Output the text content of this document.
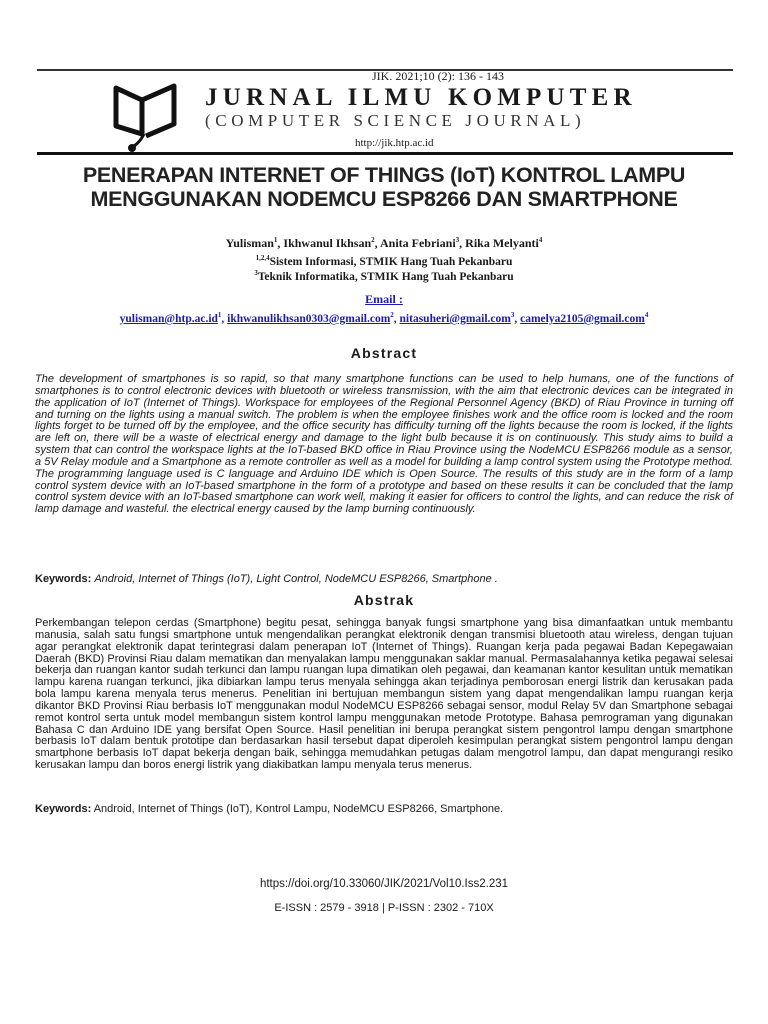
JIK. 2021;10 (2): 136 - 143
JURNAL ILMU KOMPUTER
(COMPUTER SCIENCE JOURNAL)
http://jik.htp.ac.id
PENERAPAN INTERNET OF THINGS (IoT) KONTROL LAMPU
MENGGUNAKAN NODEMCU ESP8266 DAN SMARTPHONE
Yulisman$^1$, Ikhwanul Ikhsan$^2$, Anita Febriani$^3$, Rika Melyanti$^4$
$^{1,2,4}$Sistem Informasi, STMIK Hang Tuah Pekanbaru
$^3$Teknik Informatika, STMIK Hang Tuah Pekanbaru
Email :
$yulisman@htp.ac.id^1$, ikhwanulikhsan0303@gmail.com$^2$, nitasuheri@gmail.com$^3$, camelya2105@gmail.com$^4$
Abstract
The development of smartphones is so rapid, so that many smartphone functions can be used to help humans, one of the functions of smartphones is to control electronic devices with bluetooth or wireless transmission, with the aim that electronic devices can be integrated in the application of IoT (Internet of Things). Workspace for employees of the Regional Personnel Agency (BKD) of Riau Province in turning off and turning on the lights using a manual switch. The problem is when the employee finishes work and the office room is locked and the room lights forget to be turned off by the employee, and the office security has difficulty turning off the lights because the room is locked, if the lights are left on, there will be a waste of electrical energy and damage to the light bulb because it is on continuously. This study aims to build a system that can control the workspace lights at the IoT-based BKD office in Riau Province using the NodeMCU ESP8266 module as a sensor, a 5V Relay module and a Smartphone as a remote controller as well as a model for building a lamp control system using the Prototype method. The programming language used is C language and Arduino IDE which is Open Source. The results of this study are in the form of a lamp control system device with an IoT-based smartphone in the form of a prototype and based on these results it can be concluded that the lamp control system device with an IoT-based smartphone can work well, making it easier for officers to control the lights, and can reduce the risk of lamp damage and wasteful. the electrical energy caused by the lamp burning continuously.
Keywords: Android, Internet of Things (IoT), Light Control, NodeMCU ESP8266, Smartphone .
Abstrak
Perkembangan telepon cerdas (Smartphone) begitu pesat, sehingga banyak fungsi smartphone yang bisa dimanfaatkan untuk membantu manusia, salah satu fungsi smartphone untuk mengendalikan perangkat elektronik dengan transmisi bluetooth atau wireless, dengan tujuan agar perangkat elektronik dapat terintegrasi dalam penerapan IoT (Internet of Things). Ruangan kerja pada pegawai Badan Kepegawaian Daerah (BKD) Provinsi Riau dalam mematikan dan menyalakan lampu menggunakan saklar manual. Permasalahannya ketika pegawai selesai bekerja dan ruangan kantor sudah terkunci dan lampu ruangan lupa dimatikan oleh pegawai, dan keamanan kantor kesulitan untuk mematikan lampu karena ruangan terkunci, jika dibiarkan lampu terus menyala sehingga akan terjadinya pemborosan energi listrik dan kerusakan pada bola lampu karena menyala terus menerus. Penelitian ini bertujuan membangun sistem yang dapat mengendalikan lampu ruangan kerja dikantor BKD Provinsi Riau berbasis IoT menggunakan modul NodeMCU ESP8266 sebagai sensor, modul Relay 5V dan Smartphone sebagai remot kontrol serta untuk model membangun sistem kontrol lampu menggunakan metode Prototype. Bahasa pemrograman yang digunakan Bahasa C dan Arduino IDE yang bersifat Open Source. Hasil penelitian ini berupa perangkat sistem pengontrol lampu dengan smartphone berbasis IoT dalam bentuk prototipe dan berdasarkan hasil tersebut dapat diperoleh kesimpulan perangkat sistem pengontrol lampu dengan smartphone berbasis IoT dapat bekerja dengan baik, sehingga memudahkan petugas dalam mengotrol lampu, dan dapat mengurangi resiko kerusakan lampu dan boros energi listrik yang diakibatkan lampu menyala terus menerus.
Keywords: Android, Internet of Things (IoT), Kontrol Lampu, NodeMCU ESP8266, Smartphone.
https://doi.org/10.33060/JIK/2021/Vol10.Iss2.231
E-ISSN : 2579 - 3918 | P-ISSN : 2302 - 710X
